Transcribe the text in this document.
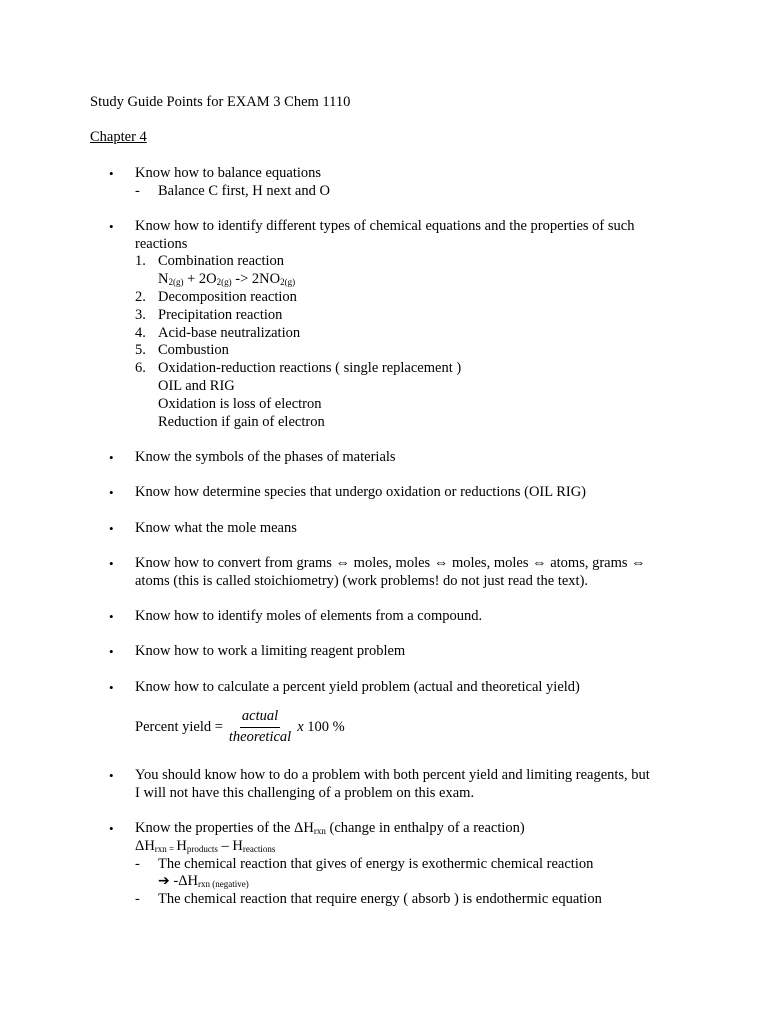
Study Guide Points for EXAM 3 Chem 1110
Chapter 4
• Know how to balance equations
- Balance C first, H next and O
• Know how to identify different types of chemical equations and the properties of such
reactions
1. Combination reaction
$N_{2(g)} + 2O_{2(g)} -> 2NO_{2(g)}$
2. Decomposition reaction
3. Precipitation reaction
4. Acid-base neutralization
5. Combustion
6. Oxidation-reduction reactions ( single replacement )
OIL and RIG
Oxidation is loss of electron
Reduction if gain of electron
• Know the symbols of the phases of materials
• Know how determine species that undergo oxidation or reductions (OIL RIG)
• Know what the mole means
• Know how to convert from grams ⇔ moles, moles ⇔ moles, moles ⇔ atoms, grams ⇔
atoms (this is called stoichiometry) (work problems! do not just read the text).
• Know how to identify moles of elements from a compound.
• Know how to work a limiting reagent problem
• Know how to calculate a percent yield problem (actual and theoretical yield)
Percent yield = $\frac{\text{actual}}{\text{theoretical}}$ x
100 %
• You should know how to do a problem with both percent yield and limiting reagents, but
I will not have this challenging of a problem on this exam.
• Know the properties of the $\Delta H_{rxn}$ (change in enthalpy of a reaction)
$\Delta H_{rxn}$ $_=$ $H_{products} - H_{reactions}$
- The chemical reaction that gives of energy is exothermic chemical reaction
➔ $-\Delta H_{rxn (negative)}$
- The chemical reaction that require energy ( absorb ) is endothermic equation
